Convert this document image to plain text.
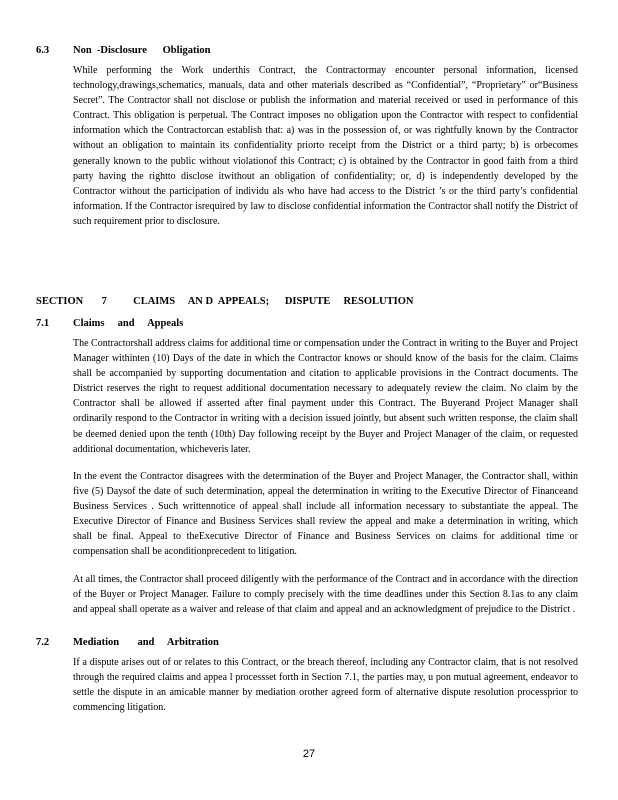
6.3 Non  -Disclosure      Obligation

While performing the Work underthis Contract, the Contractormay encounter personal information, licensed technology,drawings,schematics, manuals, data and other materials described as “Confidential”, “Proprietary” or“Business Secret”. The Contractor shall not disclose or publish the information and material received or used in performance of this Contract. This obligation is perpetual. The Contract imposes no obligation upon the Contractor with respect to confidential information which the Contractorcan establish that: a) was in the possession of, or was rightfully known by the Contractor without an obligation to maintain its confidentiality priorto receipt from the District or a third party; b) is orbecomes generally known to the public without violationof this Contract; c) is obtained by the Contractor in good faith from a third party having the rightto disclose itwithout an obligation of confidentiality; or, d) is independently developed by the Contractor without the participation of individu als who have had access to the District ’s or the third party’s confidential information. If the Contractor isrequired by law to disclose confidential information the Contractor shall notify the District of such requirement prior to disclosure.

SECTION       7          CLAIMS     AN D  APPEALS;      DISPUTE     RESOLUTION
7.1 Claims     and     Appeals

The Contractorshall address claims for additional time or compensation under the Contract in writing to the Buyer and Project Manager withinten (10) Days of the date in which the Contractor knows or should know of the basis for the claim. Claims shall be accompanied by supporting documentation and citation to applicable provisions in the Contract documents. The District reserves the right to request additional documentation necessary to adequately review the claim. No claim by the Contractor shall be allowed if asserted after final payment under this Contract. The Buyerand Project Manager shall ordinarily respond to the Contractor in writing with a decision issued jointly, but absent such written response, the claim shall be deemed denied upon the tenth (10th) Day following receipt by the Buyer and Project Manager of the claim, or requested additional documentation, whicheveris later.

In the event the Contractor disagrees with the determination of the Buyer and Project Manager, the Contractor shall, within five (5) Daysof the date of such determination, appeal the determination in writing to the Executive Director of Financeand Business Services . Such writtennotice of appeal shall include all information necessary to substantiate the appeal. The Executive Director of Finance and Business Services shall review the appeal and make a determination in writing, which shall be final. Appeal to theExecutive Director of Finance and Business Services on claims for additional time or compensation shall be aconditionprecedent to litigation.

At all times, the Contractor shall proceed diligently with the performance of the Contract and in accordance with the direction of the Buyer or Project Manager. Failure to comply precisely with the time deadlines under this Section 8.1as to any claim and appeal shall operate as a waiver and release of that claim and appeal and an acknowledgment of prejudice to the District .

7.2 Mediation       and     Arbitration

If a dispute arises out of or relates to this Contract, or the breach thereof, including any Contractor claim, that is not resolved through the required claims and appea l processset forth in Section 7.1, the parties may, u pon mutual agreement, endeavor to settle the dispute in an amicable manner by mediation orother agreed form of alternative dispute resolution processprior to commencing litigation.

27
